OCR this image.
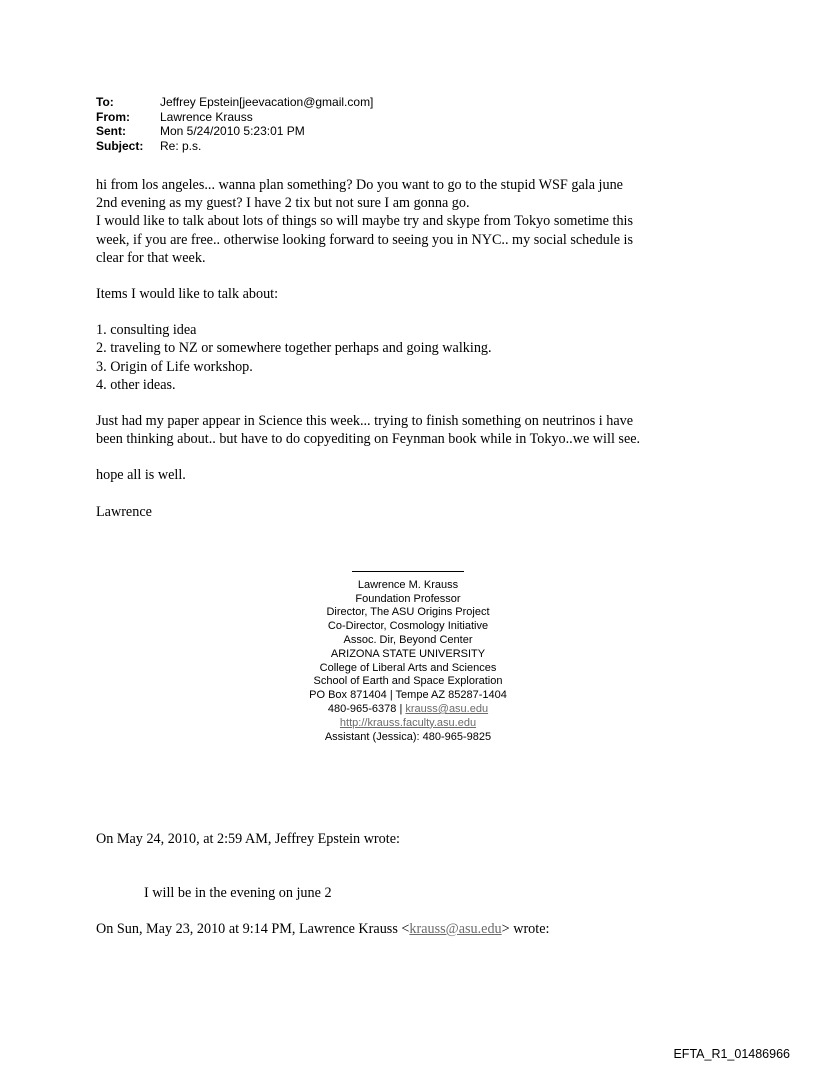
To:	Jeffrey Epstein[jeevacation@gmail.com]
From:	Lawrence Krauss
Sent:	Mon 5/24/2010 5:23:01 PM
Subject:	Re: p.s.

hi from los angeles... wanna plan something? Do you want to go to the stupid WSF gala june

2nd evening as my guest? I have 2 tix but not sure I am gonna go.

I would like to talk about lots of things so will maybe try and skype from Tokyo sometime this

week, if you are free.. otherwise looking forward to seeing you in NYC.. my social schedule is

clear for that week.

Items I would like to talk about:

1. consulting idea

2. traveling to NZ or somewhere together perhaps and going walking.

3. Origin of Life workshop.

4. other ideas.

Just had my paper appear in Science this week... trying to finish something on neutrinos i have

been thinking about.. but have to do copyediting on Feynman book while in Tokyo..we will see.

hope all is well.

Lawrence

Lawrence M. Krauss
Foundation Professor
Director, The ASU Origins Project
Co-Director, Cosmology Initiative
Assoc. Dir, Beyond Center
ARIZONA STATE UNIVERSITY
College of Liberal Arts and Sciences
School of Earth and Space Exploration
PO Box 871404 | Tempe AZ 85287-1404
480-965-6378 | krauss@asu.edu
http://krauss.faculty.asu.edu
Assistant (Jessica): 480-965-9825
On May 24, 2010, at 2:59 AM, Jeffrey Epstein wrote:
I will be in the evening on june 2
On Sun, May 23, 2010 at 9:14 PM, Lawrence Krauss <krauss@asu.edu> wrote:
EFTA_R1_01486966
